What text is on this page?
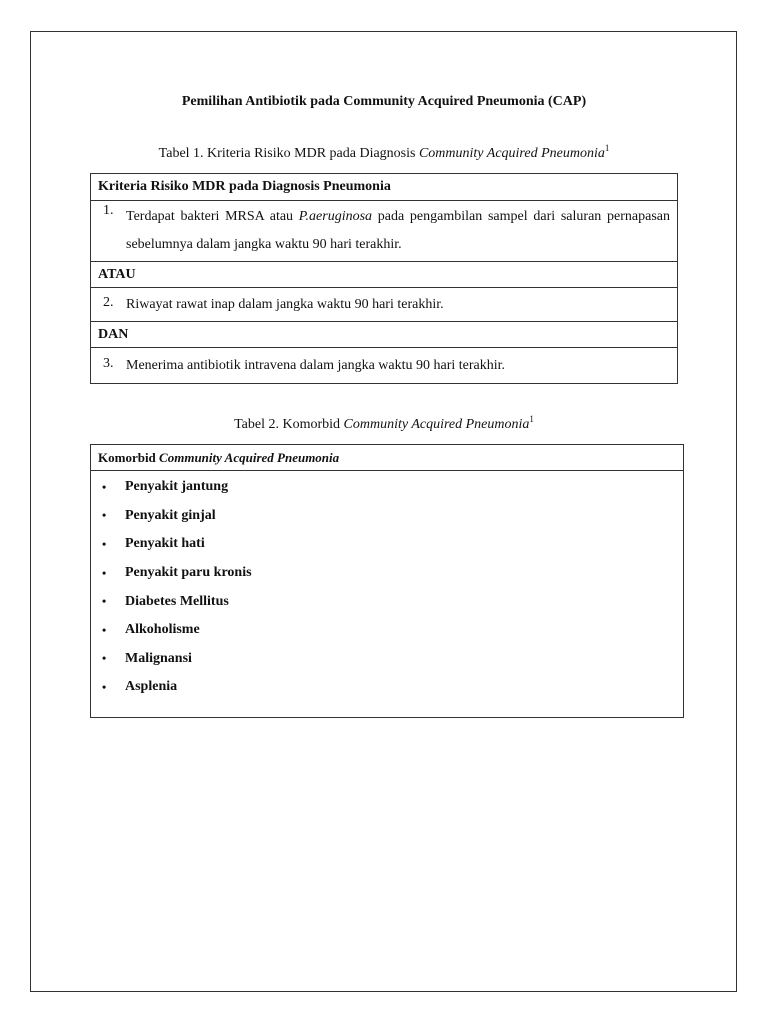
Pemilihan Antibiotik pada Community Acquired Pneumonia (CAP)
Tabel 1. Kriteria Risiko MDR pada Diagnosis Community Acquired Pneumonia$^1$
Kriteria Risiko MDR pada Diagnosis Pneumonia

1. Terdapat bakteri MRSA atau P.aeruginosa pada pengambilan sampel dari saluran pernapasan sebelumnya dalam jangka waktu 90 hari terakhir.

ATAU

2. Riwayat rawat inap dalam jangka waktu 90 hari terakhir.

DAN

3. Menerima antibiotik intravena dalam jangka waktu 90 hari terakhir.
Tabel 2. Komorbid Community Acquired Pneumonia$^1$
Komorbid Community Acquired Pneumonia

•	Penyakit jantung
•	Penyakit ginjal
•	Penyakit hati
•	Penyakit paru kronis
•	Diabetes Mellitus
•	Alkoholisme
•	Malignansi
•	Asplenia
